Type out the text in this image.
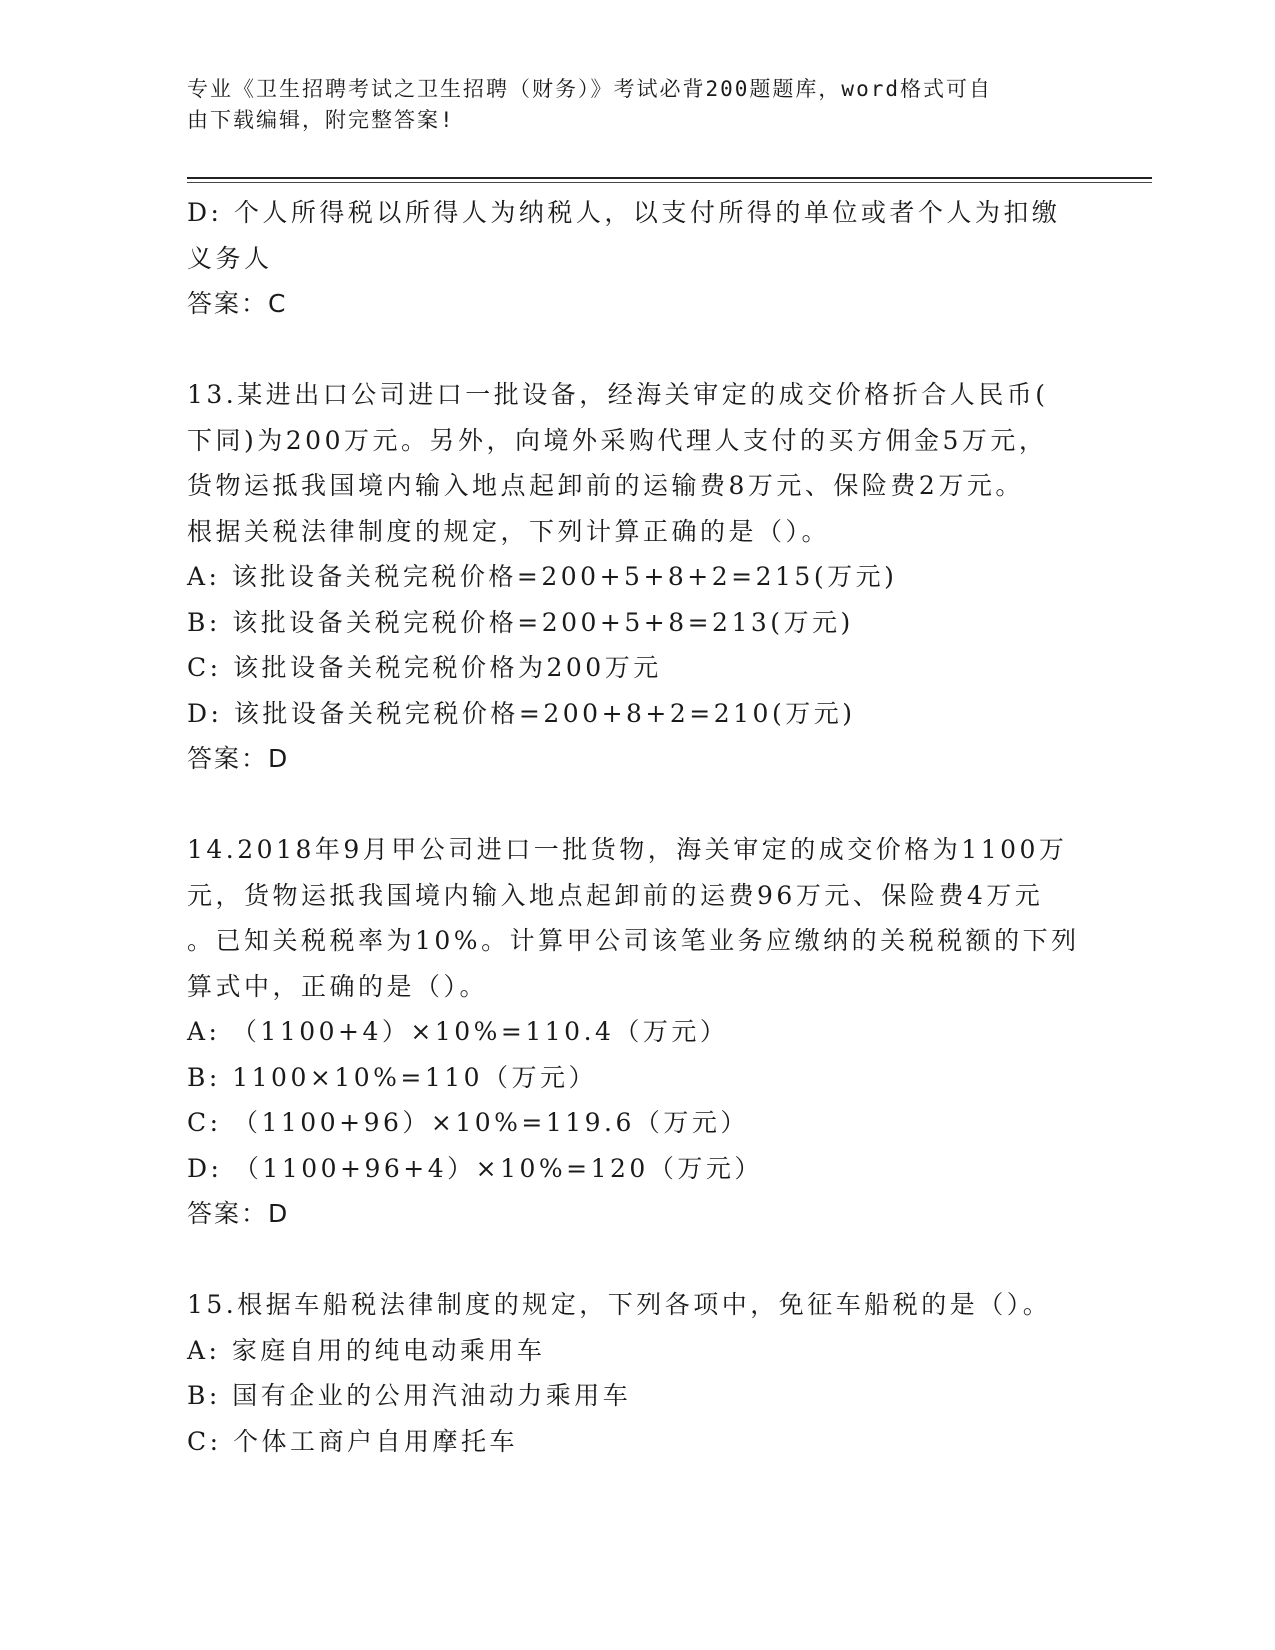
专业《卫生招聘考试之卫生招聘（财务）》考试必背200题题库，word格式可自
由下载编辑，附完整答案!
D: 个人所得税以所得人为纳税人，以支付所得的单位或者个人为扣缴
义务人
答案：C
13.某进出口公司进口一批设备，经海关审定的成交价格折合人民币(
下同)为200万元。另外，向境外采购代理人支付的买方佣金5万元，
货物运抵我国境内输入地点起卸前的运输费8万元、保险费2万元。
根据关税法律制度的规定，下列计算正确的是（）。
A: 该批设备关税完税价格=200+5+8+2=215(万元)
B: 该批设备关税完税价格=200+5+8=213(万元)
C: 该批设备关税完税价格为200万元
D: 该批设备关税完税价格=200+8+2=210(万元)
答案：D
14.2018年9月甲公司进口一批货物，海关审定的成交价格为1100万
元，货物运抵我国境内输入地点起卸前的运费96万元、保险费4万元
。已知关税税率为10%。计算甲公司该笔业务应缴纳的关税税额的下列
算式中，正确的是（）。
A: （1100+4）×10%=110.4（万元）
B: 1100×10%=110（万元）
C: （1100+96）×10%=119.6（万元）
D: （1100+96+4）×10%=120（万元）
答案：D
15.根据车船税法律制度的规定，下列各项中，免征车船税的是（）。
A: 家庭自用的纯电动乘用车
B: 国有企业的公用汽油动力乘用车
C: 个体工商户自用摩托车
